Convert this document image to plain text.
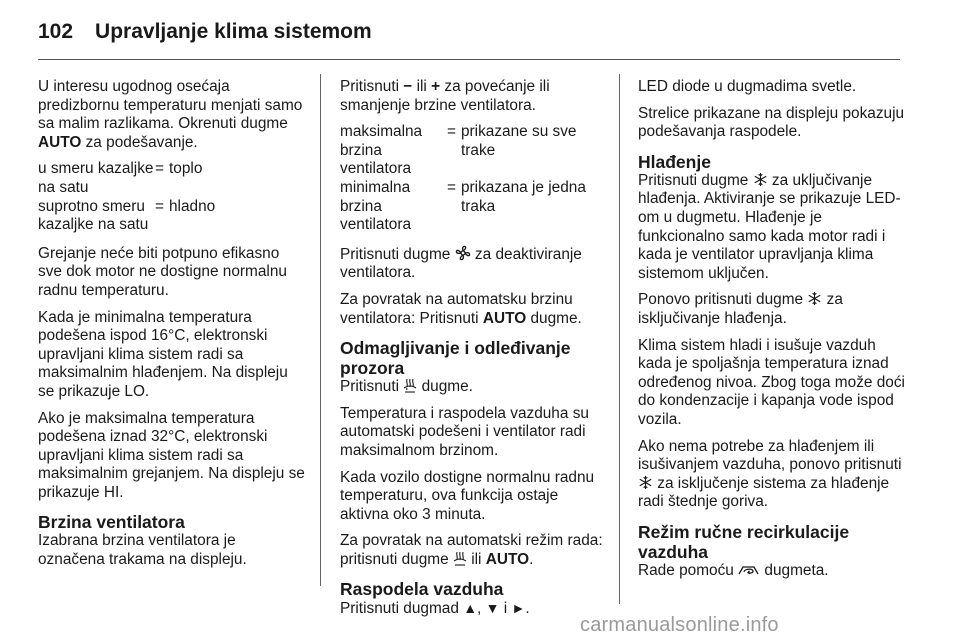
102 Upravljanje klima sistemom

U interesu ugodnog osećaja predizbornu temperaturu menjati samo sa malim razlikama. Okrenuti dugme AUTO za podešavanje.

u smeru kazaljke na satu	=	toplo
suprotno smeru kazaljke na satu	=	hladno

Grejanje neće biti potpuno efikasno sve dok motor ne dostigne normalnu radnu temperaturu.

Kada je minimalna temperatura podešena ispod 16°C, elektronski upravljani klima sistem radi sa maksimalnim hlađenjem. Na displeju se prikazuje LO.

Ako je maksimalna temperatura podešena iznad 32°C, elektronski upravljani klima sistem radi sa maksimalnim grejanjem. Na displeju se prikazuje HI.

Brzina ventilatora

Izabrana brzina ventilatora je označena trakama na displeju.

Pritisnuti − ili + za povećanje ili smanjenje brzine ventilatora.

maksimalna brzina ventilatora	=	prikazane su sve trake
minimalna brzina ventilatora	=	prikazana je jedna traka

Pritisnuti dugme
za deaktiviranje ventilatora.

Za povratak na automatsku brzinu ventilatora: Pritisnuti AUTO dugme.

Odmagljivanje i odleđivanje prozora

Pritisnuti
dugme.

Temperatura i raspodela vazduha su automatski podešeni i ventilator radi maksimalnom brzinom.

Kada vozilo dostigne normalnu radnu temperaturu, ova funkcija ostaje aktivna oko 3 minuta.

Za povratak na automatski režim rada: pritisnuti dugme
ili AUTO.

Raspodela vazduha

Pritisnuti dugmad ▲, ▼ i ►.

LED diode u dugmadima svetle.

Strelice prikazane na displeju pokazuju podešavanja raspodele.

Hlađenje

Pritisnuti dugme
za uključivanje hlađenja. Aktiviranje se prikazuje LED-om u dugmetu. Hlađenje je funkcionalno samo kada motor radi i kada je ventilator upravljanja klima sistemom uključen.

Ponovo pritisnuti dugme
za isključivanje hlađenja.

Klima sistem hladi i isušuje vazduh kada je spoljašnja temperatura iznad određenog nivoa. Zbog toga može doći do kondenzacije i kapanja vode ispod vozila.

Ako nema potrebe za hlađenjem ili isušivanjem vazduha, ponovo pritisnuti
za isključenje sistema za hlađenje radi štednje goriva.

Režim ručne recirkulacije vazduha

Rade pomoću
dugmeta.

carmanualsonline.info
